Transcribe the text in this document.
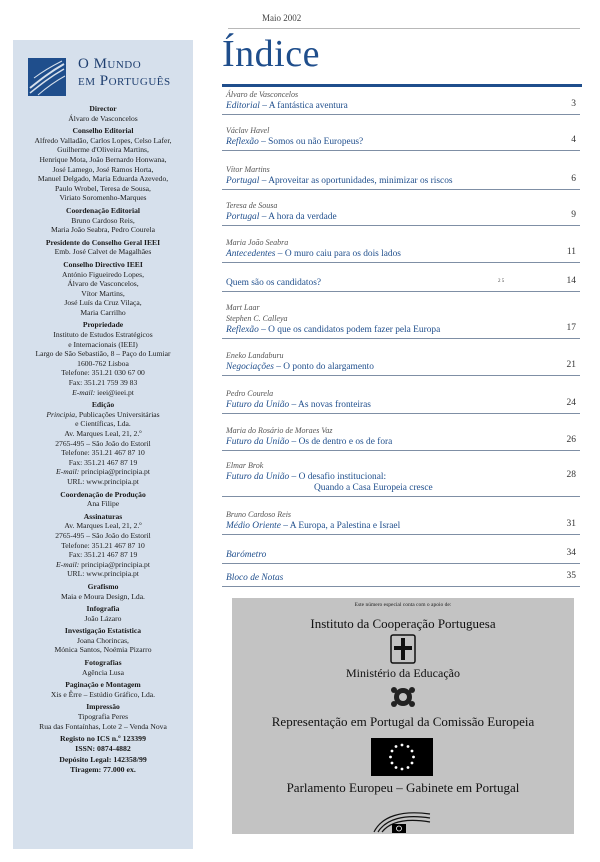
Maio 2002
O Mundo
em Português
Director
Álvaro de Vasconcelos
Conselho Editorial
Alfredo Valladão, Carlos Lopes, Celso Lafer,
Guilherme d'Oliveira Martins,
Henrique Mota, João Bernardo Honwana,
José Lamego, José Ramos Horta,
Manuel Delgado, Maria Eduarda Azevedo,
Paulo Wrobel, Teresa de Sousa,
Viriato Soromenho-Marques
Coordenação Editorial
Bruno Cardoso Reis,
Maria João Seabra, Pedro Courela
Presidente do Conselho Geral IEEI
Emb. José Calvet de Magalhães
Conselho Directivo IEEI
António Figueiredo Lopes,
Álvaro de Vasconcelos,
Vítor Martins,
José Luís da Cruz Vilaça,
Maria Carrilho
Propriedade
Instituto de Estudos Estratégicos
e Internacionais (IEEI)
Largo de São Sebastião, 8 – Paço do Lumiar
1600-762 Lisboa
Telefone: 351.21 030 67 00
Fax: 351.21 759 39 83
E-mail: ieei@ieei.pt
Edição
Principia, Publicações Universitárias
e Científicas, Lda.
Av. Marques Leal, 21, 2.º
2765-495 – São João do Estoril
Telefone: 351.21 467 87 10
Fax: 351.21 467 87 19
E-mail: principia@principia.pt
URL: www.principia.pt
Coordenação de Produção
Ana Filipe
Assinaturas
Av. Marques Leal, 21, 2.º
2765-495 – São João do Estoril
Telefone: 351.21 467 87 10
Fax: 351.21 467 87 19
E-mail: principia@principia.pt
URL: www.principia.pt
Grafismo
Maia e Moura Design, Lda.
Infografia
João Lázaro
Investigação Estatística
Joana Chorincas,
Mónica Santos, Noémia Pizarro
Fotografias
Agência Lusa
Paginação e Montagem
Xis e Êrre – Estúdio Gráfico, Lda.
Impressão
Tipografia Peres
Rua das Fontaínhas, Lote 2 – Venda Nova
Registo no ICS n.º 123399
ISSN: 0874-4882
Depósito Legal: 142358/99
Tiragem: 77.000 ex.
Índice
Álvaro de Vasconcelos
Editorial – A fantástica aventura	3
Václav Havel
Reflexão – Somos ou não Europeus?	4
Vítor Martins
Portugal – Aproveitar as oportunidades, minimizar os riscos	6
Teresa de Sousa
Portugal – A hora da verdade	9
Maria João Seabra
Antecedentes – O muro caiu para os dois lados	11
Quem são os candidatos?	2 5	14
Mart Laar
Stephen C. Calleya
Reflexão – O que os candidatos podem fazer pela Europa	17
Eneko Landaburu
Negociações – O ponto do alargamento	21
Pedro Courela
Futuro da União – As novas fronteiras	24
Maria do Rosário de Moraes Vaz
Futuro da União – Os de dentro e os de fora	26
Elmar Brok
Futuro da União – O desafio institucional:
Quando a Casa Europeia cresce
28
Bruno Cardoso Reis
Médio Oriente – A Europa, a Palestina e Israel	31
Barómetro	34
Bloco de Notas	35
Este número especial conta com o apoio de:
Instituto da Cooperação Portuguesa
Ministério da Educação
Representação em Portugal da Comissão Europeia
Parlamento Europeu – Gabinete em Portugal
